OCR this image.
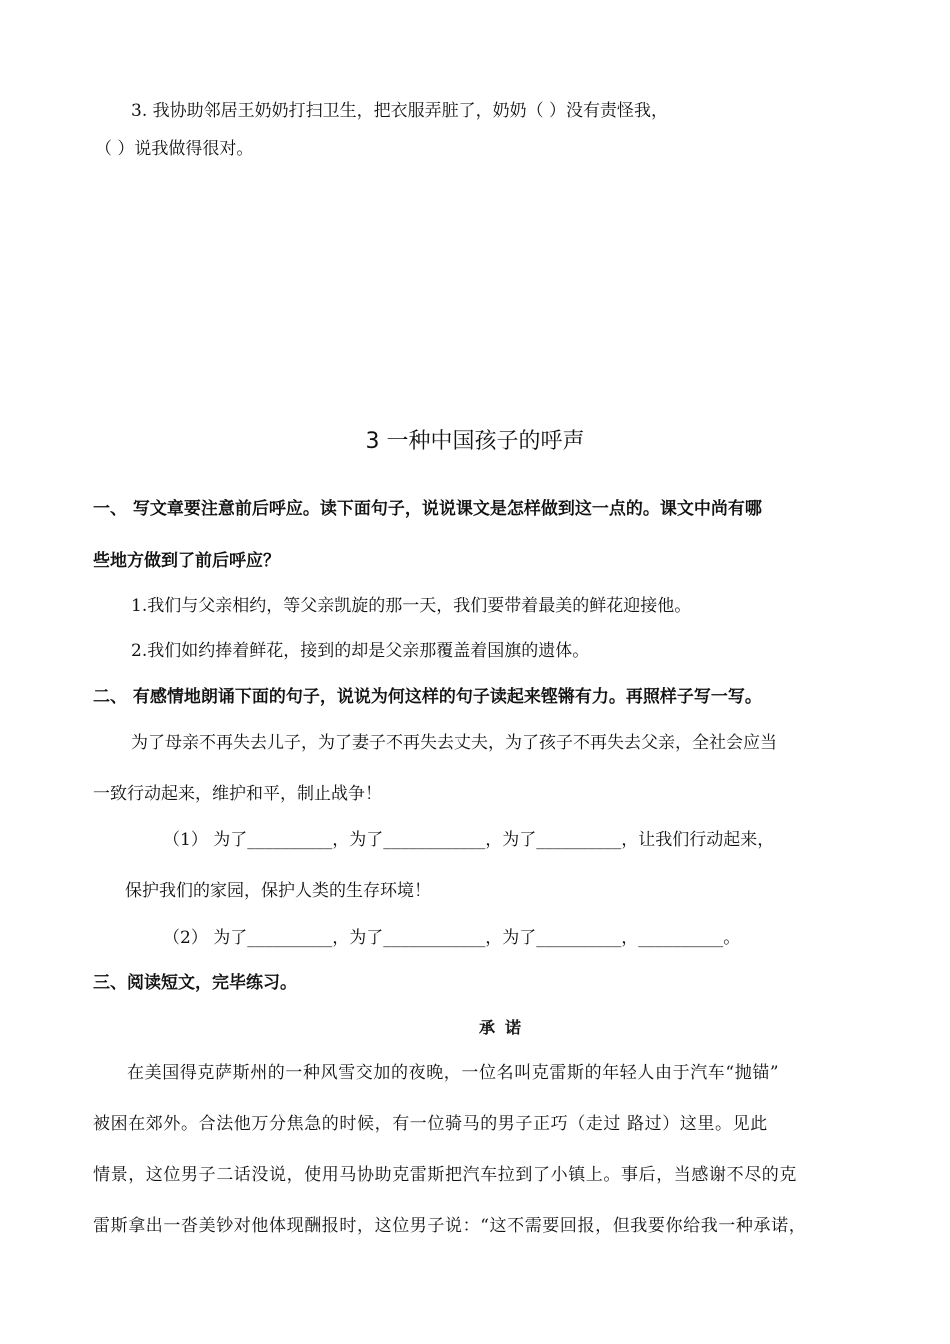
3. 我协助邻居王奶奶打扫卫生，把衣服弄脏了，奶奶（ ）没有责怪我，
（ ）说我做得很对。
3 一种中国孩子的呼声
一、 写文章要注意前后呼应。读下面句子，说说课文是怎样做到这一点的。课文中尚有哪
些地方做到了前后呼应？
1.我们与父亲相约，等父亲凯旋的那一天，我们要带着最美的鲜花迎接他。
2.我们如约捧着鲜花，接到的却是父亲那覆盖着国旗的遗体。
二、 有感情地朗诵下面的句子，说说为何这样的句子读起来铿锵有力。再照样子写一写。
为了母亲不再失去儿子，为了妻子不再失去丈夫，为了孩子不再失去父亲，全社会应当
一致行动起来，维护和平，制止战争！
（1） 为了__________，为了____________，为了__________，让我们行动起来，
保护我们的家园，保护人类的生存环境！
（2） 为了__________，为了____________，为了__________，__________。
三、阅读短文，完毕练习。
承诺
在美国得克萨斯州的一种风雪交加的夜晚，一位名叫克雷斯的年轻人由于汽车“抛锚”
被困在郊外。合法他万分焦急的时候，有一位骑马的男子正巧（走过 路过）这里。见此
情景，这位男子二话没说，使用马协助克雷斯把汽车拉到了小镇上。事后，当感谢不尽的克
雷斯拿出一沓美钞对他体现酬报时，这位男子说：“这不需要回报，但我要你给我一种承诺，
